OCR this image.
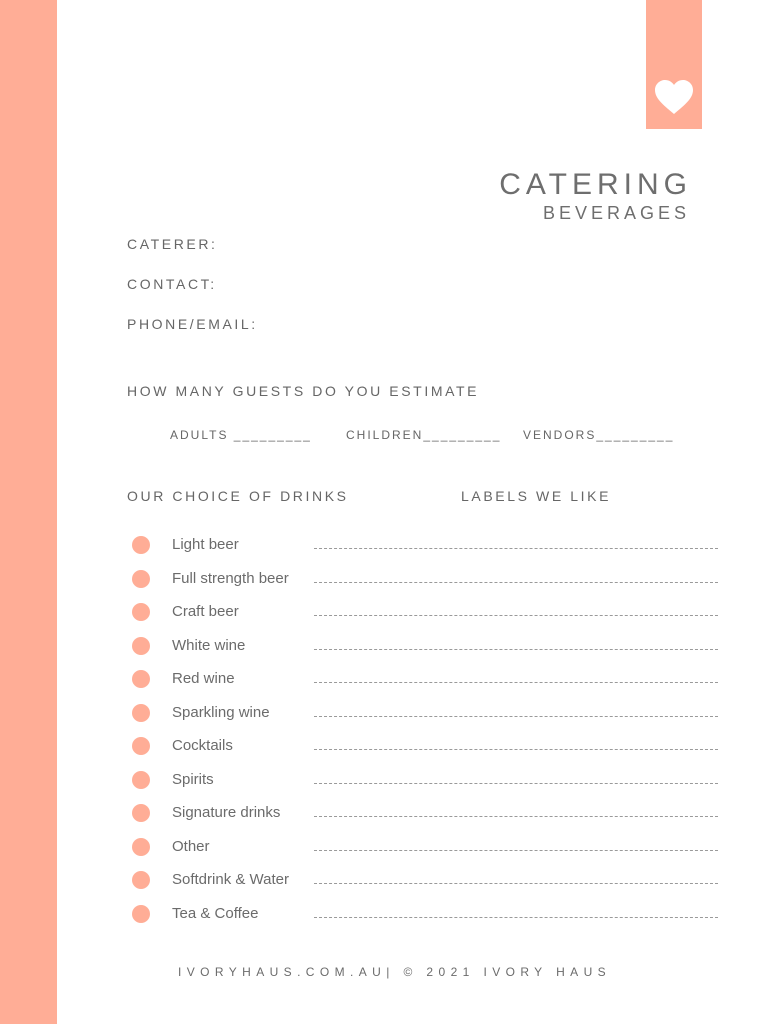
CATERING
BEVERAGES
CATERER:
CONTACT:
PHONE/EMAIL:
HOW MANY GUESTS DO YOU ESTIMATE
ADULTS _________	CHILDREN_________ VENDORS_________
OUR CHOICE OF DRINKS	LABELS WE LIKE
Light beer
Full strength beer
Craft beer
White wine
Red wine
Sparkling wine
Cocktails
Spirits
Signature drinks
Other
Softdrink & Water
Tea & Coffee
IVORYHAUS.COM.AU| © 2021 IVORY HAUS
